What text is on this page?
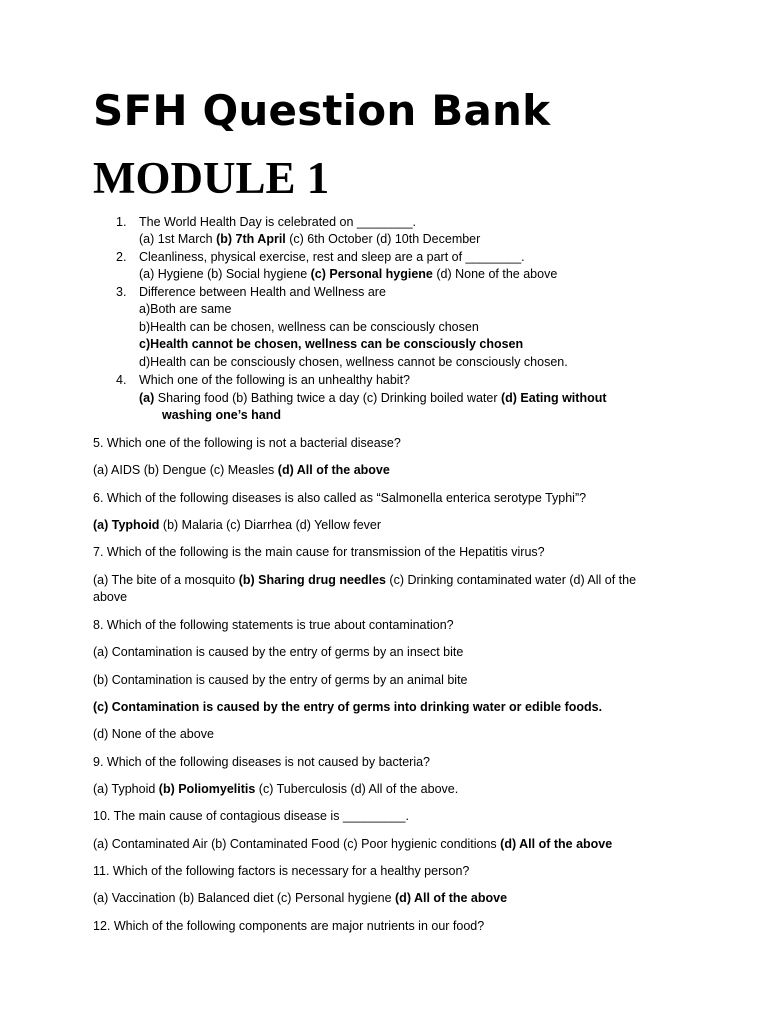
SFH Question Bank
MODULE 1
1. The World Health Day is celebrated on ________.
(a) 1st March (b) 7th April (c) 6th October (d) 10th December
2. Cleanliness, physical exercise, rest and sleep are a part of ________.
(a) Hygiene (b) Social hygiene (c) Personal hygiene (d) None of the above
3. Difference between Health and Wellness are
a)Both are same
b)Health can be chosen, wellness can be consciously chosen
c)Health cannot be chosen, wellness can be consciously chosen
d)Health can be consciously chosen, wellness cannot be consciously chosen.
4. Which one of the following is an unhealthy habit?
(a) Sharing food (b) Bathing twice a day (c) Drinking boiled water (d) Eating without
washing one’s hand
5. Which one of the following is not a bacterial disease?
(a) AIDS (b) Dengue (c) Measles (d) All of the above
6. Which of the following diseases is also called as “Salmonella enterica serotype Typhi”?
(a) Typhoid (b) Malaria (c) Diarrhea (d) Yellow fever
7. Which of the following is the main cause for transmission of the Hepatitis virus?
(a) The bite of a mosquito (b) Sharing drug needles (c) Drinking contaminated water (d) All of the
above
8. Which of the following statements is true about contamination?
(a) Contamination is caused by the entry of germs by an insect bite
(b) Contamination is caused by the entry of germs by an animal bite
(c) Contamination is caused by the entry of germs into drinking water or edible foods.
(d) None of the above
9. Which of the following diseases is not caused by bacteria?
(a) Typhoid (b) Poliomyelitis (c) Tuberculosis (d) All of the above.
10. The main cause of contagious disease is _________.
(a) Contaminated Air (b) Contaminated Food (c) Poor hygienic conditions (d) All of the above
11. Which of the following factors is necessary for a healthy person?
(a) Vaccination (b) Balanced diet (c) Personal hygiene (d) All of the above
12. Which of the following components are major nutrients in our food?
